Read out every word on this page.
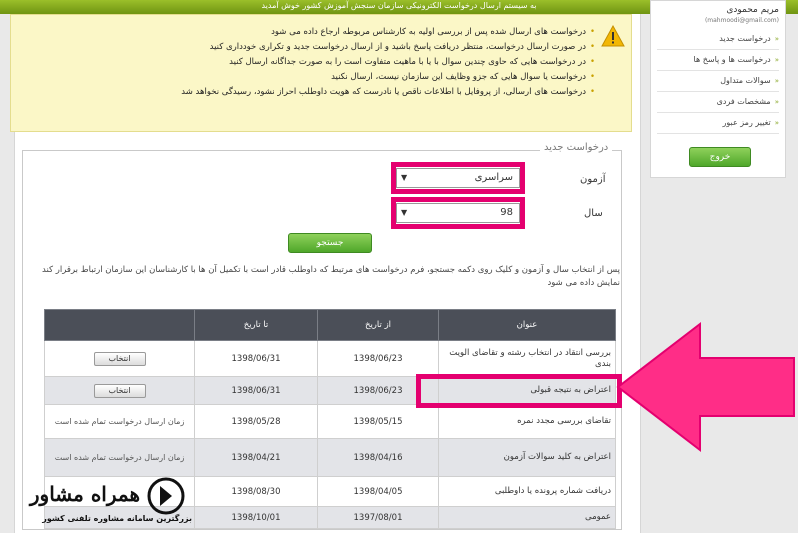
به سیستم ارسال درخواست الکترونیکی سازمان سنجش آموزش کشور خوش آمدید
• درخواست های ارسال شده پس از بررسی اولیه به کارشناس مربوطه ارجاع داده می شود
• در صورت ارسال درخواست، منتظر دریافت پاسخ باشید و از ارسال درخواست جدید و تکراری خودداری کنید
• در درخواست هایی که حاوی چندین سوال با یا با ماهیت متفاوت است را به صورت جداگانه ارسال کنید
• درخواست یا سوال هایی که جزو وظایف این سازمان نیست، ارسال نکنید
• درخواست های ارسالی، از پروفایل با اطلاعات ناقص یا نادرست که هویت داوطلب احراز نشود، رسیدگی نخواهد شد
درخواست جدید
آزمون
سراسری
▼
سال
98
▼
جستجو
پس از انتخاب سال و آزمون و کلیک روی دکمه جستجو، فرم درخواست های مرتبط که داوطلب قادر است با تکمیل آن ها با کارشناسان این سازمان ارتباط برقرار کند نمایش داده می شود
عنوان	از تاریخ	تا تاریخ	
بررسی انتقاد در انتخاب رشته و تقاضای الویت بندی	1398/06/23	1398/06/31	انتخاب
اعتراض به نتیجه قبولی	1398/06/23	1398/06/31	انتخاب
تقاضای بررسی مجدد نمره	1398/05/15	1398/05/28	زمان ارسال درخواست تمام شده است
اعتراض به کلید سوالات آزمون	1398/04/16	1398/04/21	زمان ارسال درخواست تمام شده است
دریافت شماره پرونده یا داوطلبی	1398/04/05	1398/08/30	
عمومی	1397/08/01	1398/10/01	
مریم محمودی
(mahmoodi@gmail.com)
« درخواست جدید
« درخواست ها و پاسخ ها
« سوالات متداول
« مشخصات فردی
« تغییر رمز عبور
خروج
همراه مشاور
بزرگترین سامانه مشاوره تلفنی کشور
